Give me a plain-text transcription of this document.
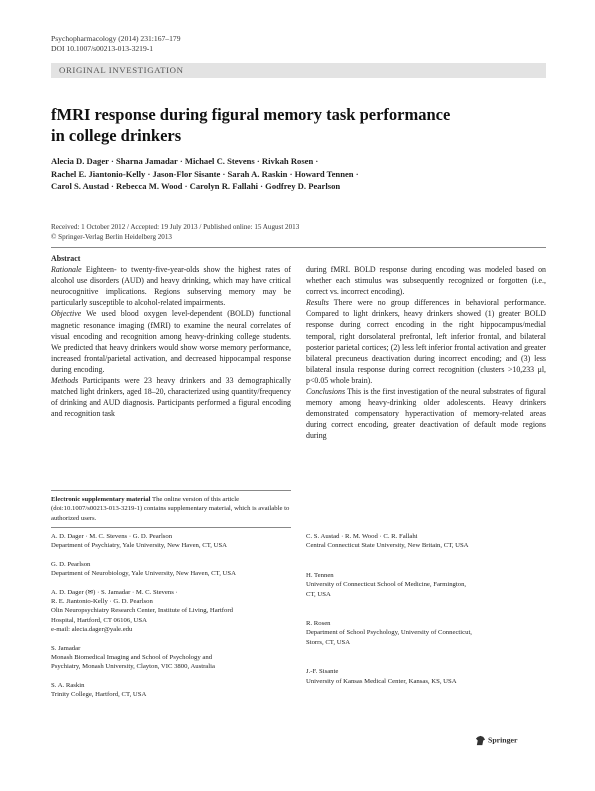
Psychopharmacology (2014) 231:167–179
DOI 10.1007/s00213-013-3219-1
ORIGINAL INVESTIGATION
fMRI response during figural memory task performance
in college drinkers
Alecia D. Dager · Sharna Jamadar · Michael C. Stevens · Rivkah Rosen ·
Rachel E. Jiantonio-Kelly · Jason-Flor Sisante · Sarah A. Raskin · Howard Tennen ·
Carol S. Austad · Rebecca M. Wood · Carolyn R. Fallahi · Godfrey D. Pearlson
Received: 1 October 2012 / Accepted: 19 July 2013 / Published online: 15 August 2013
© Springer-Verlag Berlin Heidelberg 2013

Abstract

Rationale Eighteen- to twenty-five-year-olds show the highest rates of alcohol use disorders (AUD) and heavy drinking, which may have critical neurocognitive implications. Regions subserving memory may be particularly susceptible to alcohol-related impairments.

Objective We used blood oxygen level-dependent (BOLD) functional magnetic resonance imaging (fMRI) to examine the neural correlates of visual encoding and recognition among heavy-drinking college students. We predicted that heavy drinkers would show worse memory performance, increased frontal/parietal activation, and decreased hippocampal response during encoding.

Methods Participants were 23 heavy drinkers and 33 demographically matched light drinkers, aged 18–20, characterized using quantity/frequency of drinking and AUD diagnosis. Participants performed a figural encoding and recognition task

during fMRI. BOLD response during encoding was modeled based on whether each stimulus was subsequently recognized or forgotten (i.e., correct vs. incorrect encoding).

Results There were no group differences in behavioral performance. Compared to light drinkers, heavy drinkers showed (1) greater BOLD response during correct encoding in the right hippocampus/medial temporal, right dorsolateral prefrontal, left inferior frontal, and bilateral posterior parietal cortices; (2) less left inferior frontal activation and greater bilateral precuneus deactivation during incorrect encoding; and (3) less bilateral insula response during correct recognition (clusters >10,233 μl, p<0.05 whole brain).

Conclusions This is the first investigation of the neural substrates of figural memory among heavy-drinking older adolescents. Heavy drinkers demonstrated compensatory hyperactivation of memory-related areas during correct encoding, greater deactivation of default mode regions during

Electronic supplementary material The online version of this article (doi:10.1007/s00213-013-3219-1) contains supplementary material, which is available to authorized users.
A. D. Dager · M. C. Stevens · G. D. Pearlson
Department of Psychiatry, Yale University, New Haven, CT, USA
G. D. Pearlson
Department of Neurobiology, Yale University, New Haven, CT, USA
A. D. Dager (✉) · S. Jamadar · M. C. Stevens ·
R. E. Jiantonio-Kelly · G. D. Pearlson
Olin Neuropsychiatry Research Center, Institute of Living, Hartford
Hospital, Hartford, CT 06106, USA
e-mail: alecia.dager@yale.edu
S. Jamadar
Monash Biomedical Imaging and School of Psychology and
Psychiatry, Monash University, Clayton, VIC 3800, Australia
S. A. Raskin
Trinity College, Hartford, CT, USA
C. S. Austad · R. M. Wood · C. R. Fallahi
Central Connecticut State University, New Britain, CT, USA
H. Tennen
University of Connecticut School of Medicine, Farmington,
CT, USA
R. Rosen
Department of School Psychology, University of Connecticut,
Storrs, CT, USA
J.-F. Sisante
University of Kansas Medical Center, Kansas, KS, USA
Springer
